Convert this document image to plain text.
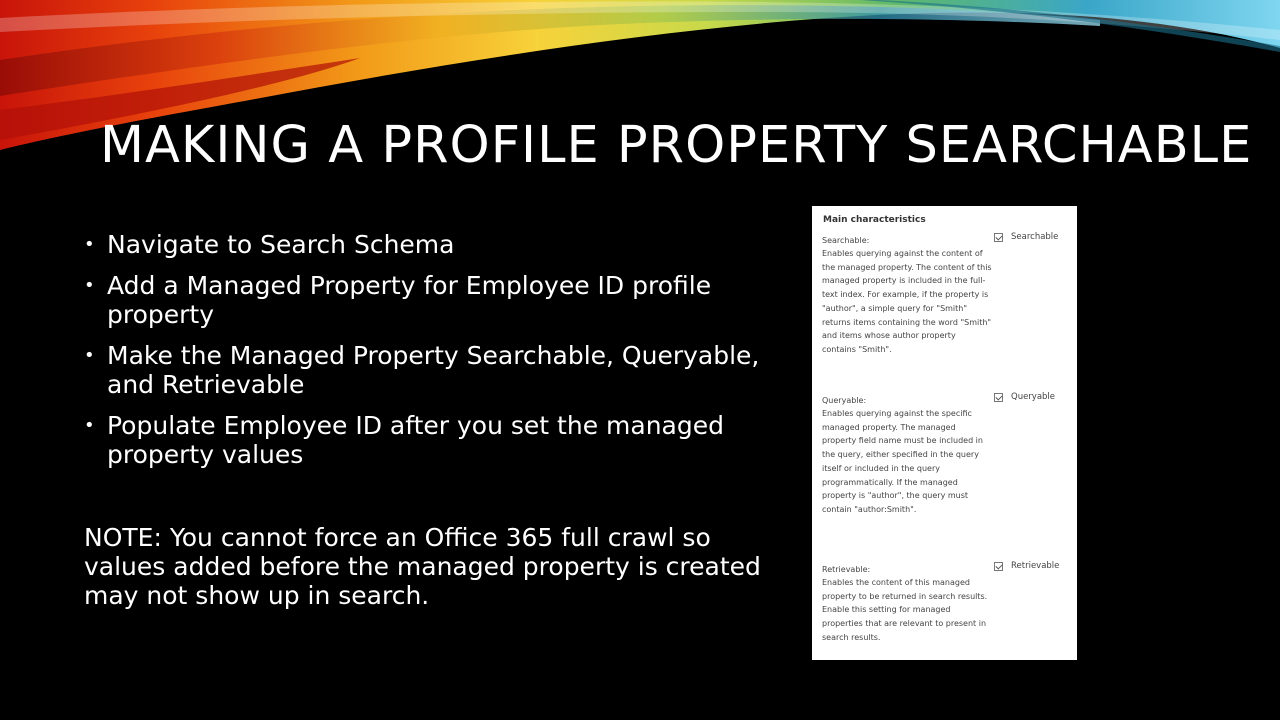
MAKING A PROFILE PROPERTY SEARCHABLE
• Navigate to Search Schema
• Add a Managed Property for Employee ID profile property
• Make the Managed Property Searchable, Queryable, and Retrievable
• Populate Employee ID after you set the managed property values

NOTE: You cannot force an Office 365 full crawl so values added before the managed property is created may not show up in search.

Main characteristics
Searchable:
Enables querying against the content of the managed property. The content of this managed property is included in the full-text index. For example, if the property is "author", a simple query for "Smith" returns items containing the word "Smith" and items whose author property contains "Smith".
Searchable
Queryable:
Enables querying against the specific managed property. The managed property field name must be included in the query, either specified in the query itself or included in the query programmatically. If the managed property is "author", the query must contain "author:Smith".
Queryable
Retrievable:
Enables the content of this managed property to be returned in search results. Enable this setting for managed properties that are relevant to present in search results.
Retrievable
